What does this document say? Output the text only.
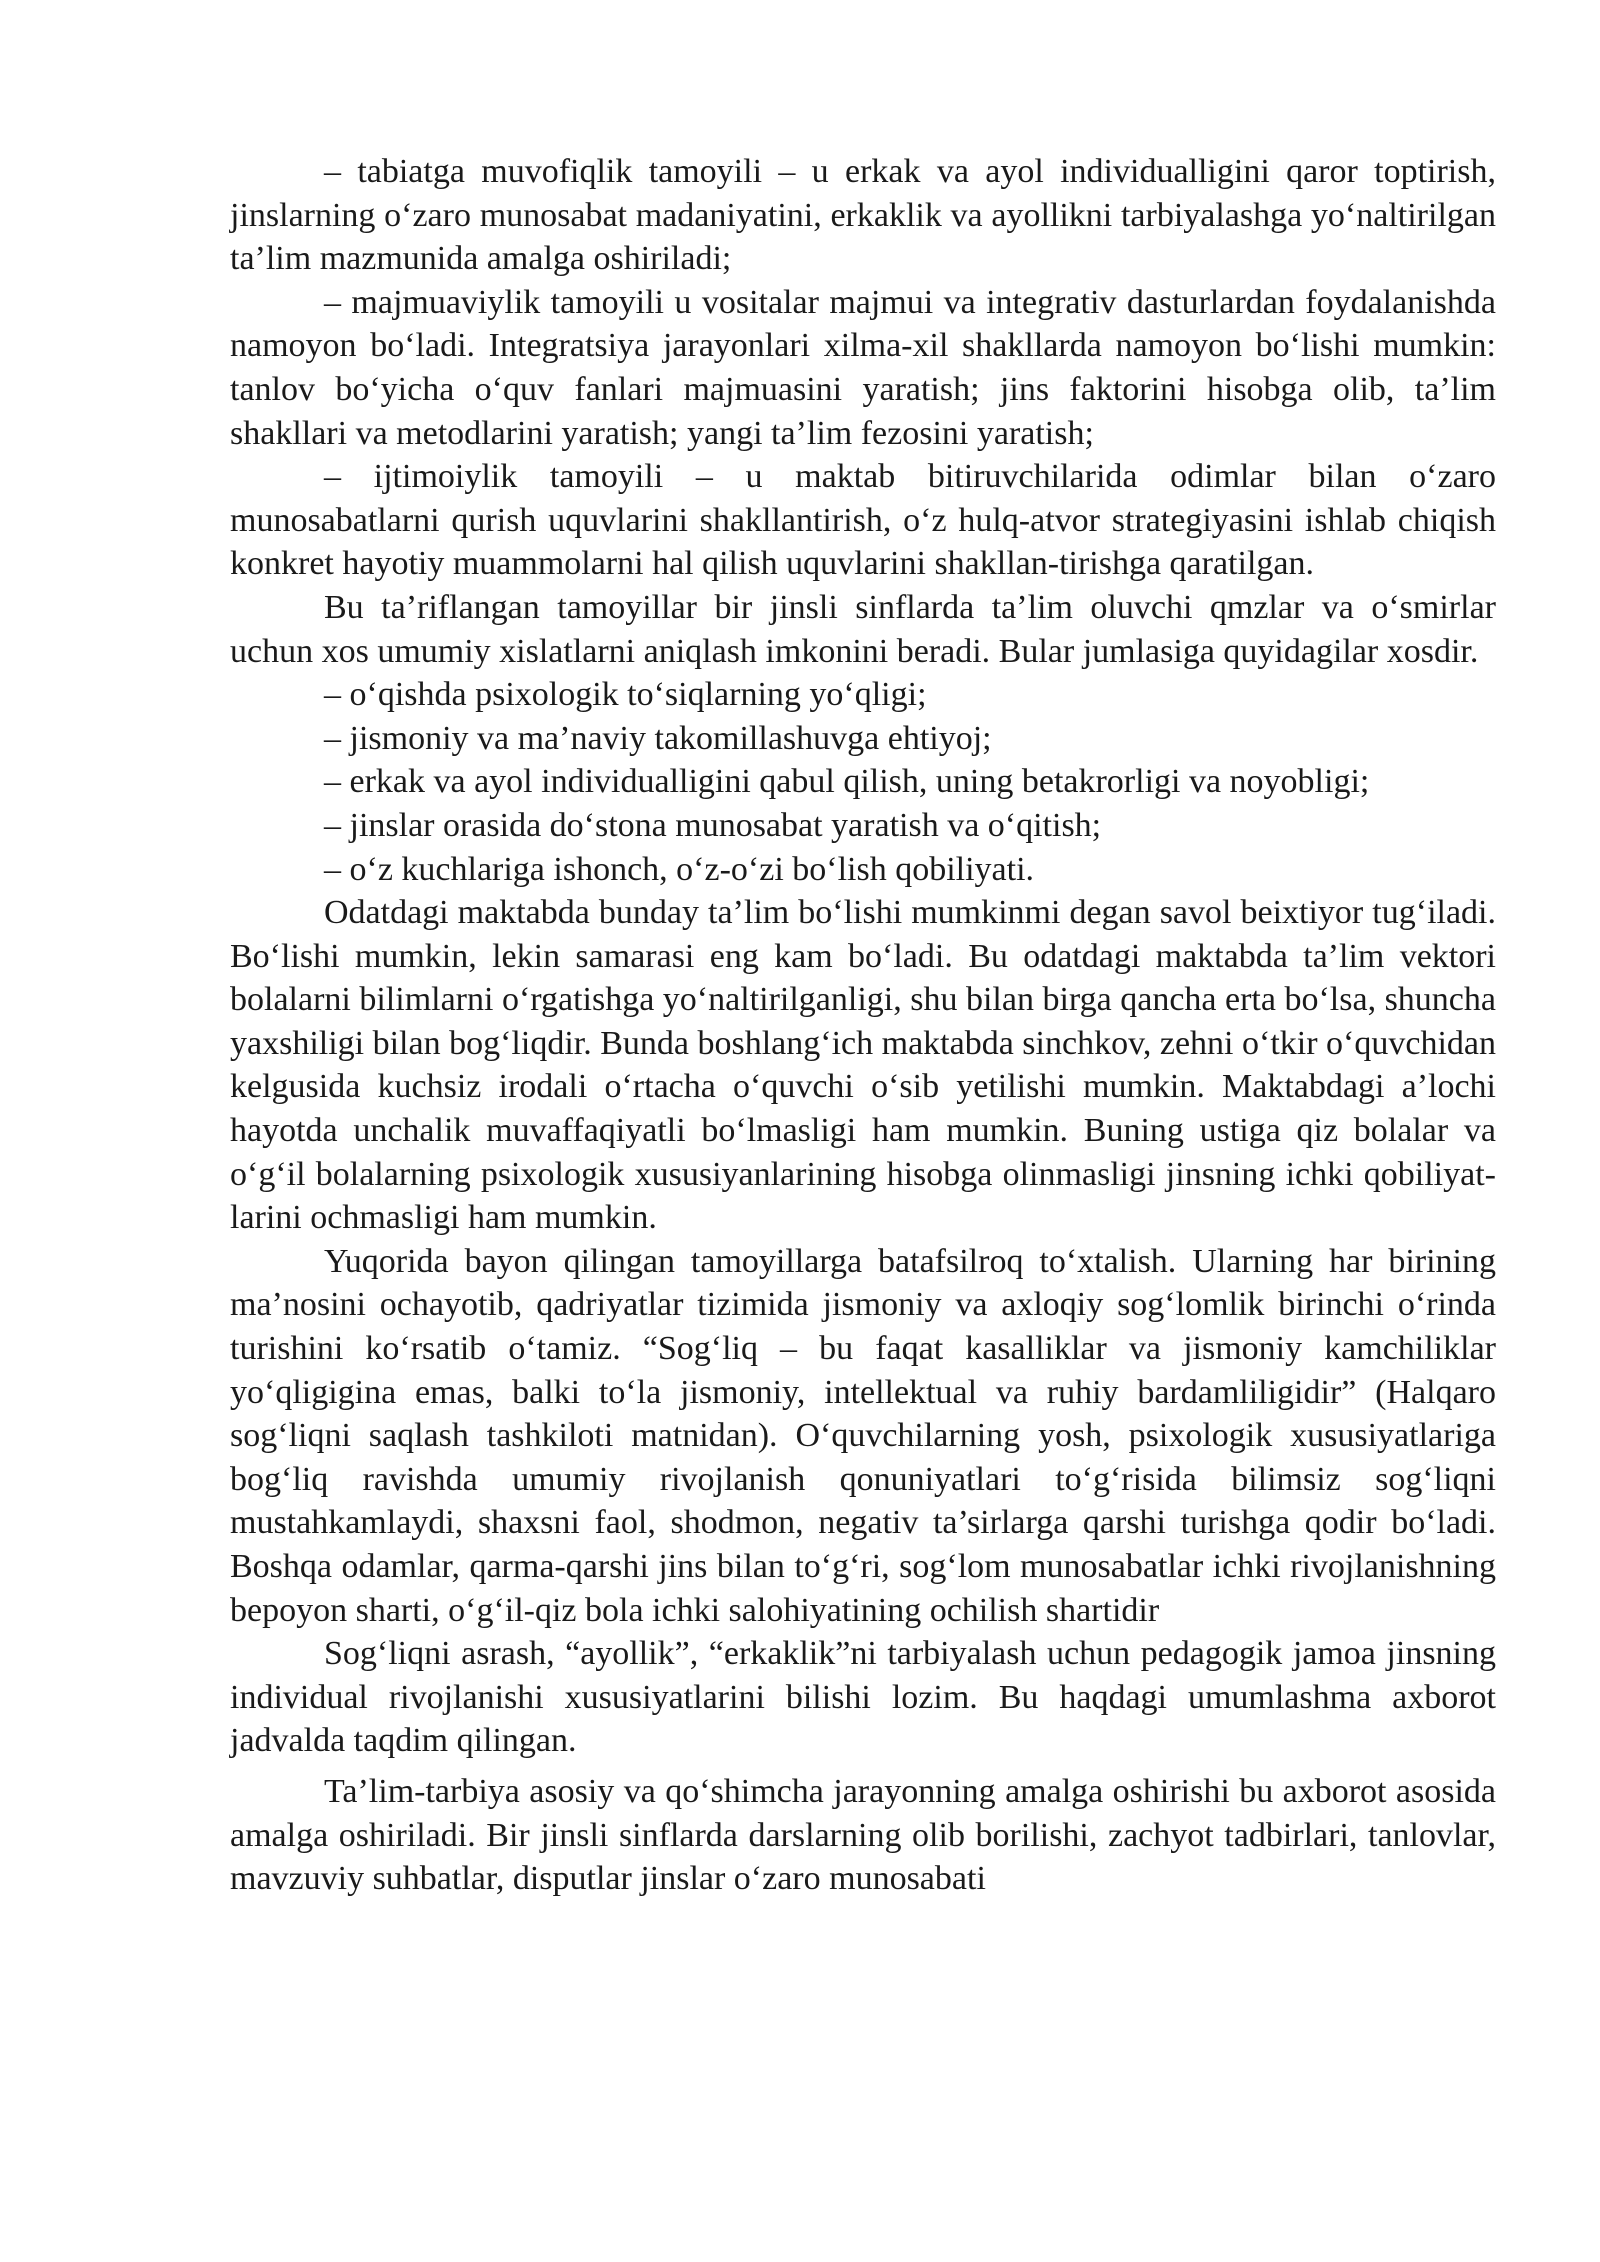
– tabiatga muvofiqlik tamoyili – u erkak va ayol individualligini qaror toptirish, jinslarning o‘zaro munosabat madaniyatini, erkaklik va ayollikni tarbiyalashga yo‘naltirilgan ta’lim mazmunida amalga oshiriladi;

– majmuaviylik tamoyili u vositalar majmui va integrativ dasturlardan foydalanishda namoyon bo‘ladi. Integratsiya jarayonlari xilma-xil shakllarda namoyon bo‘lishi mumkin: tanlov bo‘yicha o‘quv fanlari majmuasini yaratish; jins faktorini hisobga olib, ta’lim shakllari va metodlarini yaratish; yangi ta’lim fezosini yaratish;

– ijtimoiylik tamoyili – u maktab bitiruvchilarida odimlar bilan o‘zaro munosabatlarni qurish uquvlarini shakllantirish, o‘z hulq-atvor strategiyasini ishlab chiqish konkret hayotiy muammolarni hal qilish uquvlarini shakllan-tirishga qaratilgan.

Bu ta’riflangan tamoyillar bir jinsli sinflarda ta’lim oluvchi qmzlar va o‘smirlar uchun xos umumiy xislatlarni aniqlash imkonini beradi. Bular jumlasiga quyidagilar xosdir.

– o‘qishda psixologik to‘siqlarning yo‘qligi;

– jismoniy va ma’naviy takomillashuvga ehtiyoj;

– erkak va ayol individualligini qabul qilish, uning betakrorligi va noyobligi;

– jinslar orasida do‘stona munosabat yaratish va o‘qitish;

– o‘z kuchlariga ishonch, o‘z-o‘zi bo‘lish qobiliyati.

Odatdagi maktabda bunday ta’lim bo‘lishi mumkinmi degan savol beixtiyor tug‘iladi. Bo‘lishi mumkin, lekin samarasi eng kam bo‘ladi. Bu odatdagi maktabda ta’lim vektori bolalarni bilimlarni o‘rgatishga yo‘naltirilganligi, shu bilan birga qancha erta bo‘lsa, shuncha yaxshiligi bilan bog‘liqdir. Bunda boshlang‘ich maktabda sinchkov, zehni o‘tkir o‘quvchidan kelgusida kuchsiz irodali o‘rtacha o‘quvchi o‘sib yetilishi mumkin. Maktabdagi a’lochi hayotda unchalik muvaffaqiyatli bo‘lmasligi ham mumkin. Buning ustiga qiz bolalar va o‘g‘il bolalarning psixologik xususiyanlarining hisobga olinmasligi jinsning ichki qobiliyat-larini ochmasligi ham mumkin.

Yuqorida bayon qilingan tamoyillarga batafsilroq to‘xtalish. Ularning har birining ma’nosini ochayotib, qadriyatlar tizimida jismoniy va axloqiy sog‘lomlik birinchi o‘rinda turishini ko‘rsatib o‘tamiz. “Sog‘liq – bu faqat kasalliklar va jismoniy kamchiliklar yo‘qligigina emas, balki to‘la jismoniy, intellektual va ruhiy bardamliligidir” (Halqaro sog‘liqni saqlash tashkiloti matnidan). O‘quvchilarning yosh, psixologik xususiyatlariga bog‘liq ravishda umumiy rivojlanish qonuniyatlari to‘g‘risida bilimsiz sog‘liqni mustahkamlaydi, shaxsni faol, shodmon, negativ ta’sirlarga qarshi turishga qodir bo‘ladi. Boshqa odamlar, qarma-qarshi jins bilan to‘g‘ri, sog‘lom munosabatlar ichki rivojlanishning bepoyon sharti, o‘g‘il-qiz bola ichki salohiyatining ochilish shartidir

Sog‘liqni asrash, “ayollik”, “erkaklik”ni tarbiyalash uchun pedagogik jamoa jinsning individual rivojlanishi xususiyatlarini bilishi lozim. Bu haqdagi umumlashma axborot jadvalda taqdim qilingan.

Ta’lim-tarbiya asosiy va qo‘shimcha jarayonning amalga oshirishi bu axborot asosida amalga oshiriladi. Bir jinsli sinflarda darslarning olib borilishi, zachyot tadbirlari, tanlovlar, mavzuviy suhbatlar, disputlar jinslar o‘zaro munosabati
